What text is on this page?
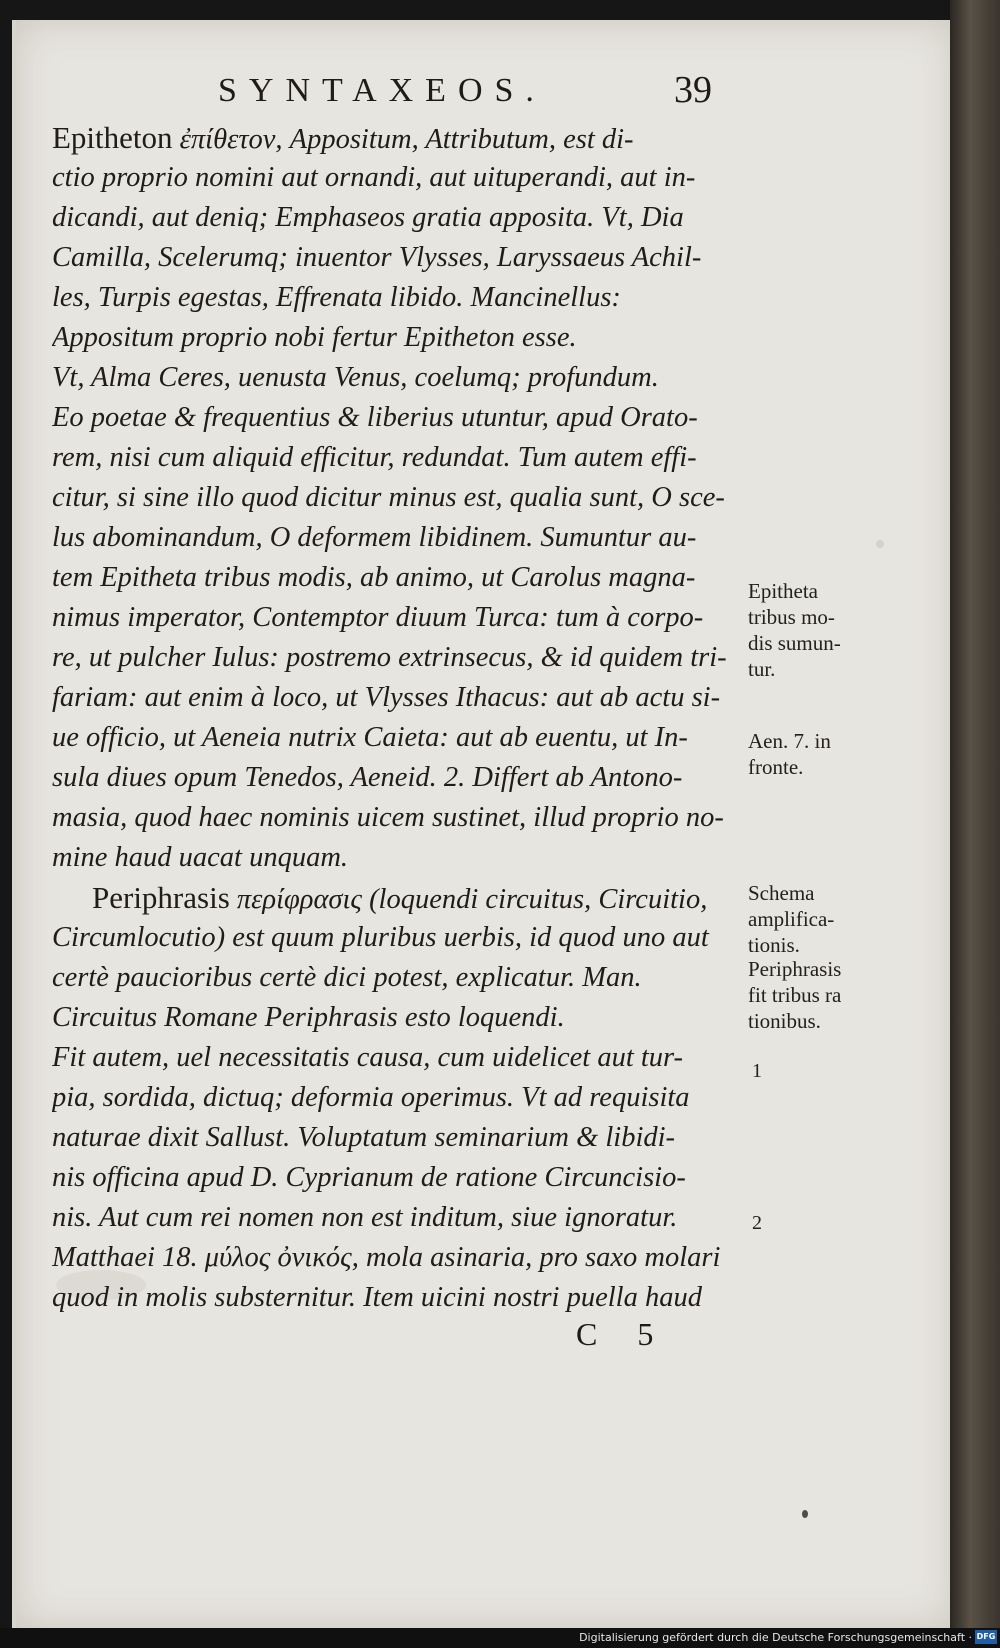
SYNTAXEOS.	39
Epitheton ἐπίθετον, Appositum, Attributum, est di-
ctio proprio nomini aut ornandi, aut uituperandi, aut in-
dicandi, aut deniq; Emphaseos gratia apposita. Vt, Dia
Camilla, Scelerumq; inuentor Vlysses, Laryssaeus Achil-
les, Turpis egestas, Effrenata libido. Mancinellus:
Appositum proprio nobi fertur Epitheton esse.
Vt, Alma Ceres, uenusta Venus, coelumq; profundum.
Eo poetae & frequentius & liberius utuntur, apud Orato-
rem, nisi cum aliquid efficitur, redundat. Tum autem effi-
citur, si sine illo quod dicitur minus est, qualia sunt, O sce-
lus abominandum, O deformem libidinem. Sumuntur au-
tem Epitheta tribus modis, ab animo, ut Carolus magna-
nimus imperator, Contemptor diuum Turca: tum à corpo-
re, ut pulcher Iulus: postremo extrinsecus, & id quidem tri-
fariam: aut enim à loco, ut Vlysses Ithacus: aut ab actu si-
ue officio, ut Aeneia nutrix Caieta: aut ab euentu, ut In-
sula diues opum Tenedos, Aeneid. 2. Differt ab Antono-
masia, quod haec nominis uicem sustinet, illud proprio no-
mine haud uacat unquam.
Periphrasis περίφρασις (loquendi circuitus, Circuitio,
Circumlocutio) est quum pluribus uerbis, id quod uno aut
certè paucioribus certè dici potest, explicatur. Man.
Circuitus Romane Periphrasis esto loquendi.
Fit autem, uel necessitatis causa, cum uidelicet aut tur-
pia, sordida, dictuq; deformia operimus. Vt ad requisita
naturae dixit Sallust. Voluptatum seminarium & libidi-
nis officina apud D. Cyprianum de ratione Circuncisio-
nis. Aut cum rei nomen non est inditum, siue ignoratur.
Matthaei 18. μύλος ὀνικός, mola asinaria, pro saxo molari
quod in molis substernitur. Item uicini nostri puella haud
Epitheta
tribus mo-
dis sumun-
tur.
Aen. 7. in
fronte.
Schema
amplifica-
tionis.
Periphrasis
fit tribus ra
tionibus.
1
2
C 5
Digitalisierung gefördert durch die Deutsche Forschungsgemeinschaft · DFG
